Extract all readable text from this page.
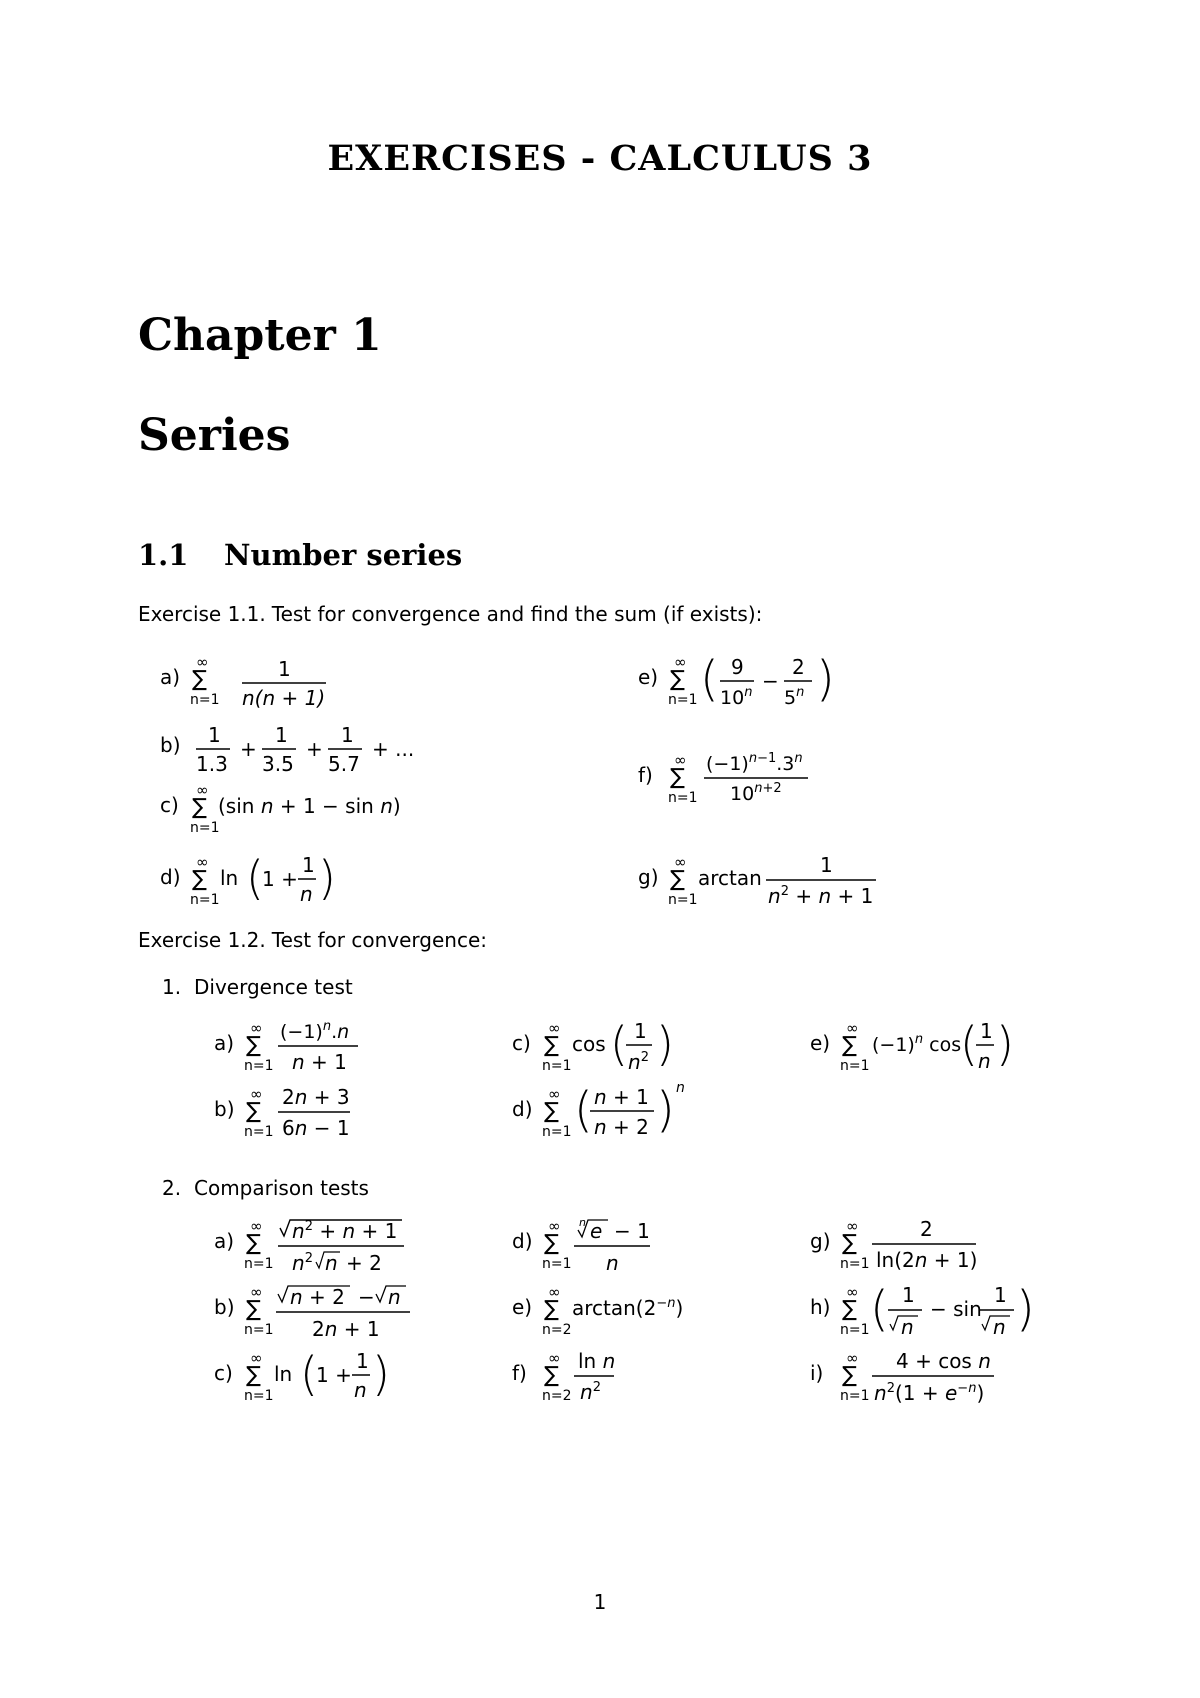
EXERCISES - CALCULUS 3
Chapter 1
Series
1.1 Number series
Exercise 1.1. Test for convergence and find the sum (if exists):
a)
∞
∑
n=1
1
n(n + 1)
b) 1
1.3
+
1
3.5
+
1
5.7
+ ...
c)
∞
∑
n=1
(sin n + 1 − sin n)
d)
∞
∑
n=1
ln (
1 +
1
n )
e)
∞
∑
n=1 ( 9
$10^n$ −
2
5$^n$ )
f)
∞
∑
n=1
$(-1)^n-1.3^n$
$10^n+2$
g)
∞
∑
n=1
arctan
1
$n^2 + n + 1$
Exercise 1.2. Test for convergence:
1. Divergence test
a)
∞
∑
n=1
$(-1)^n.n$
n + 1
b)
∞
∑
n=1
2n + 3
6n − 1
c)
∞
∑
n=1
cos ( 1
$n^2$ )
d)
∞
∑
n=1 ( n + 1
n + 2 ) n
e)
∞
∑
n=1
$(-1)^n$ cos
( 1
n )
2. Comparison tests
a)
∞
∑
n=1
$n^2 + n + 1$
$n^2$ n + 2
b)
∞
∑
n=1
n + 2 − n
2n + 1
c)
∞
∑
n=1
ln (
1 +
1
n )
d)
∞
∑
n=1
n e − 1
n
e)
∞
∑
n=2
arctan(2−n)
f)
∞
∑
n=2
ln n
$n^2$
g)
∞
∑
n=1
2
ln(2n + 1)
h)
∞
∑
n=1 ( 1
n
− sin
1
n )
i)
∞
∑
n=1
4 + cos n
$n^2(1 + e^-n)$
1
